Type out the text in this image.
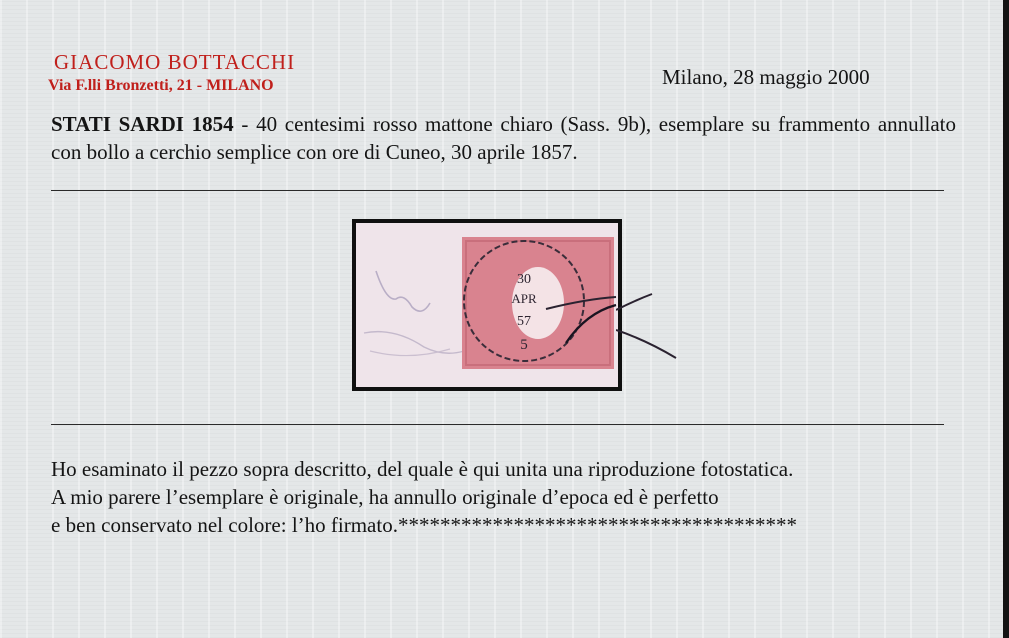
GIACOMO BOTTACCHI
Via F.lli Bronzetti, 21 - MILANO	Milano, 28 maggio 2000
STATI SARDI 1854 - 40 centesimi rosso mattone chiaro (Sass. 9b), esemplare su frammento annullato con bollo a cerchio semplice con ore di Cuneo, 30 aprile 1857.
30
APR
57
5

Ho esaminato il pezzo sopra descritto, del quale è qui unita una riproduzione fotostatica.

A mio parere l’esemplare è originale, ha annullo originale d’epoca ed è perfetto

e ben conservato nel colore: l’ho firmato.**************************************
